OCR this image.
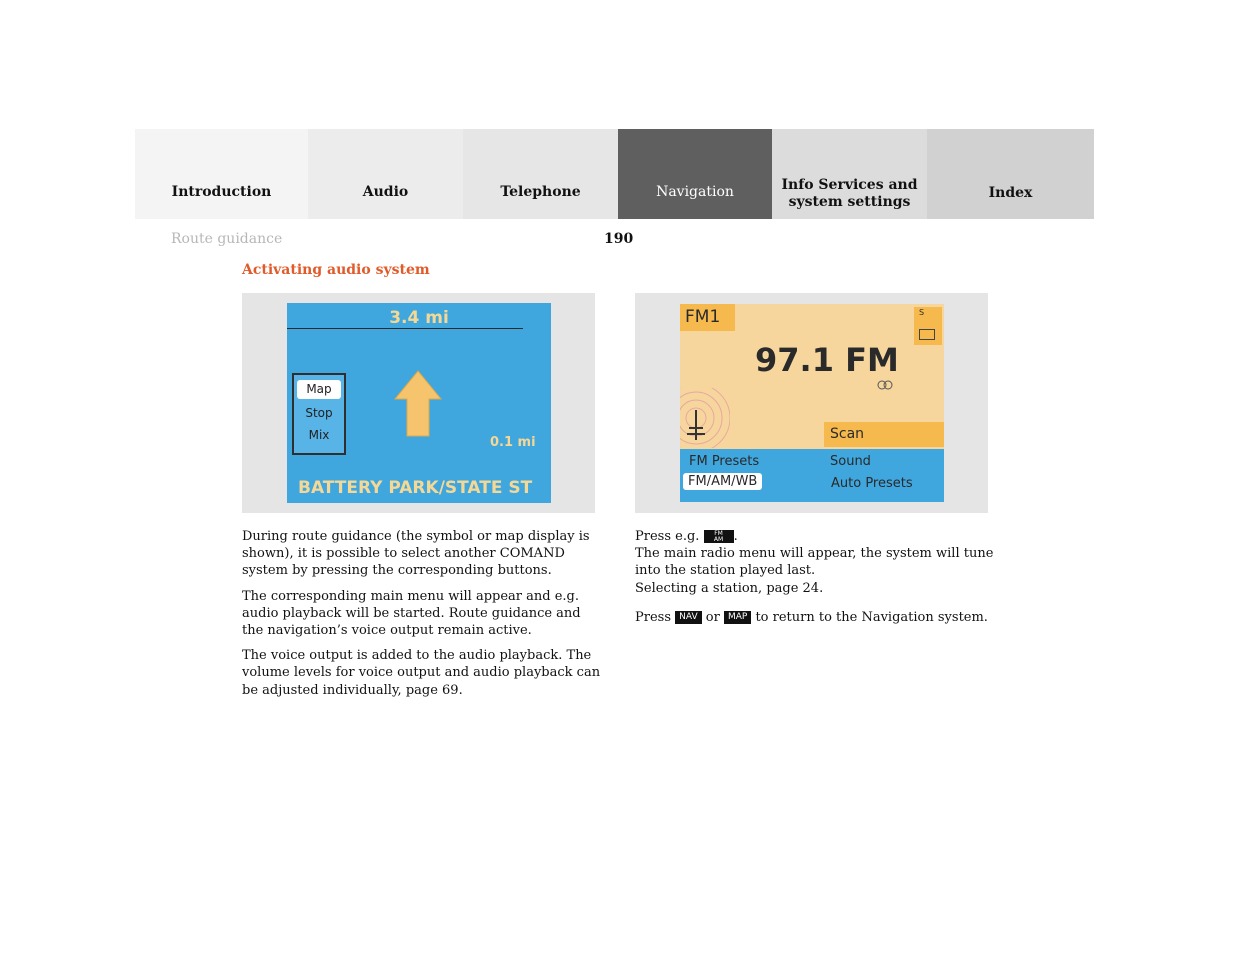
Introduction	Audio	Telephone	Navigation	Info Services and
system settings
Index
Route guidance	190
Activating audio system
3.4 mi
Map
Stop
Mix	0.1 mi
BATTERY PARK/STATE ST
FM1	S
97.1 FM
Scan
FM Presets	Sound
FM/AM/WB	Auto Presets

During route guidance (the symbol or map display is shown), it is possible to select another COMAND system by pressing the corresponding buttons.

The corresponding main menu will appear and e.g. audio playback will be started. Route guidance and the navigation’s voice output remain active.

The voice output is added to the audio playback. The volume levels for voice output and audio playback can be adjusted individually, page 69.

Press e.g. FM
AM .
The main radio menu will appear, the system will tune into the station played last.
Selecting a station, page 24.
Press NAV or MAP to return to the Navigation system.
